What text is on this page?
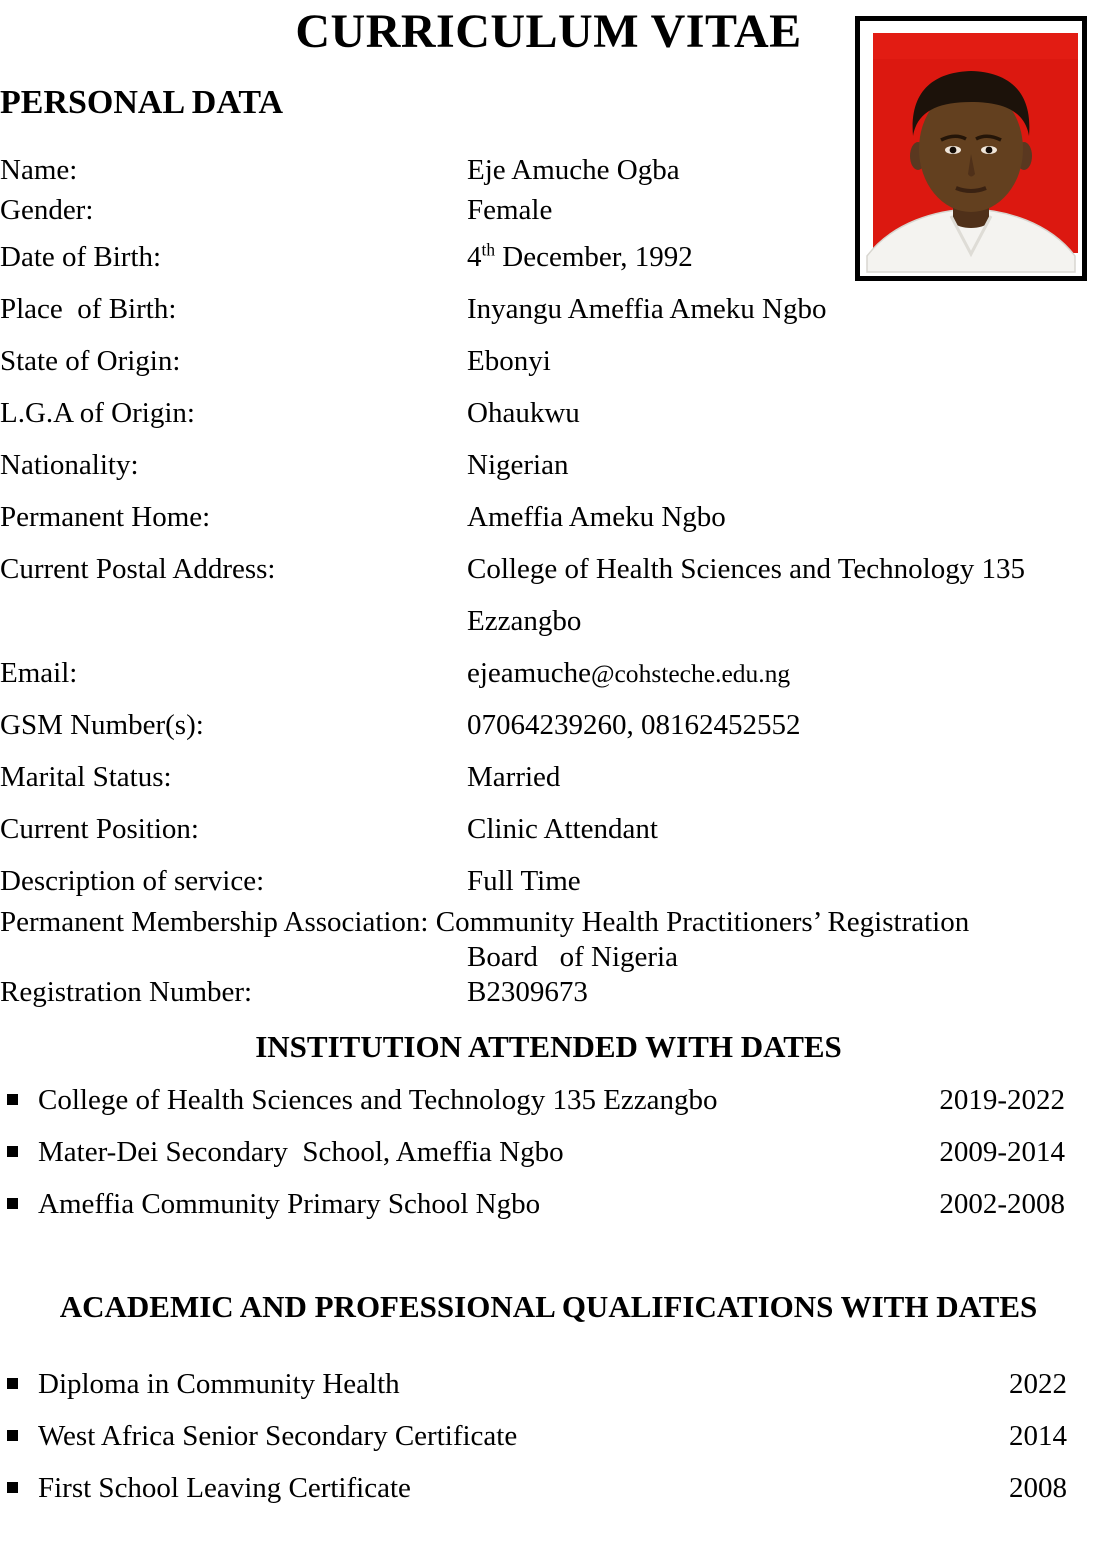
CURRICULUM VITAE
PERSONAL DATA
Name:	Eje Amuche Ogba
Gender:	Female
Date of Birth:	4th December, 1992
Place  of Birth:	Inyangu Ameffia Ameku Ngbo
State of Origin:	Ebonyi
L.G.A of Origin:	Ohaukwu
Nationality:	Nigerian
Permanent Home:	Ameffia Ameku Ngbo
Current Postal Address:	College of Health Sciences and Technology 135
Ezzangbo
Email:	ejeamuche@cohsteche.edu.ng
GSM Number(s):	07064239260, 08162452552
Marital Status:	Married
Current Position:	Clinic Attendant
Description of service:	Full Time
Permanent Membership Association: Community Health Practitioners’ Registration
Board   of Nigeria
Registration Number:	B2309673
INSTITUTION ATTENDED WITH DATES
College of Health Sciences and Technology 135 Ezzangbo	2019-2022
Mater-Dei Secondary  School, Ameffia Ngbo	2009-2014
Ameffia Community Primary School Ngbo	2002-2008
ACADEMIC AND PROFESSIONAL QUALIFICATIONS WITH DATES
Diploma in Community Health	2022
West Africa Senior Secondary Certificate	2014
First School Leaving Certificate	2008
